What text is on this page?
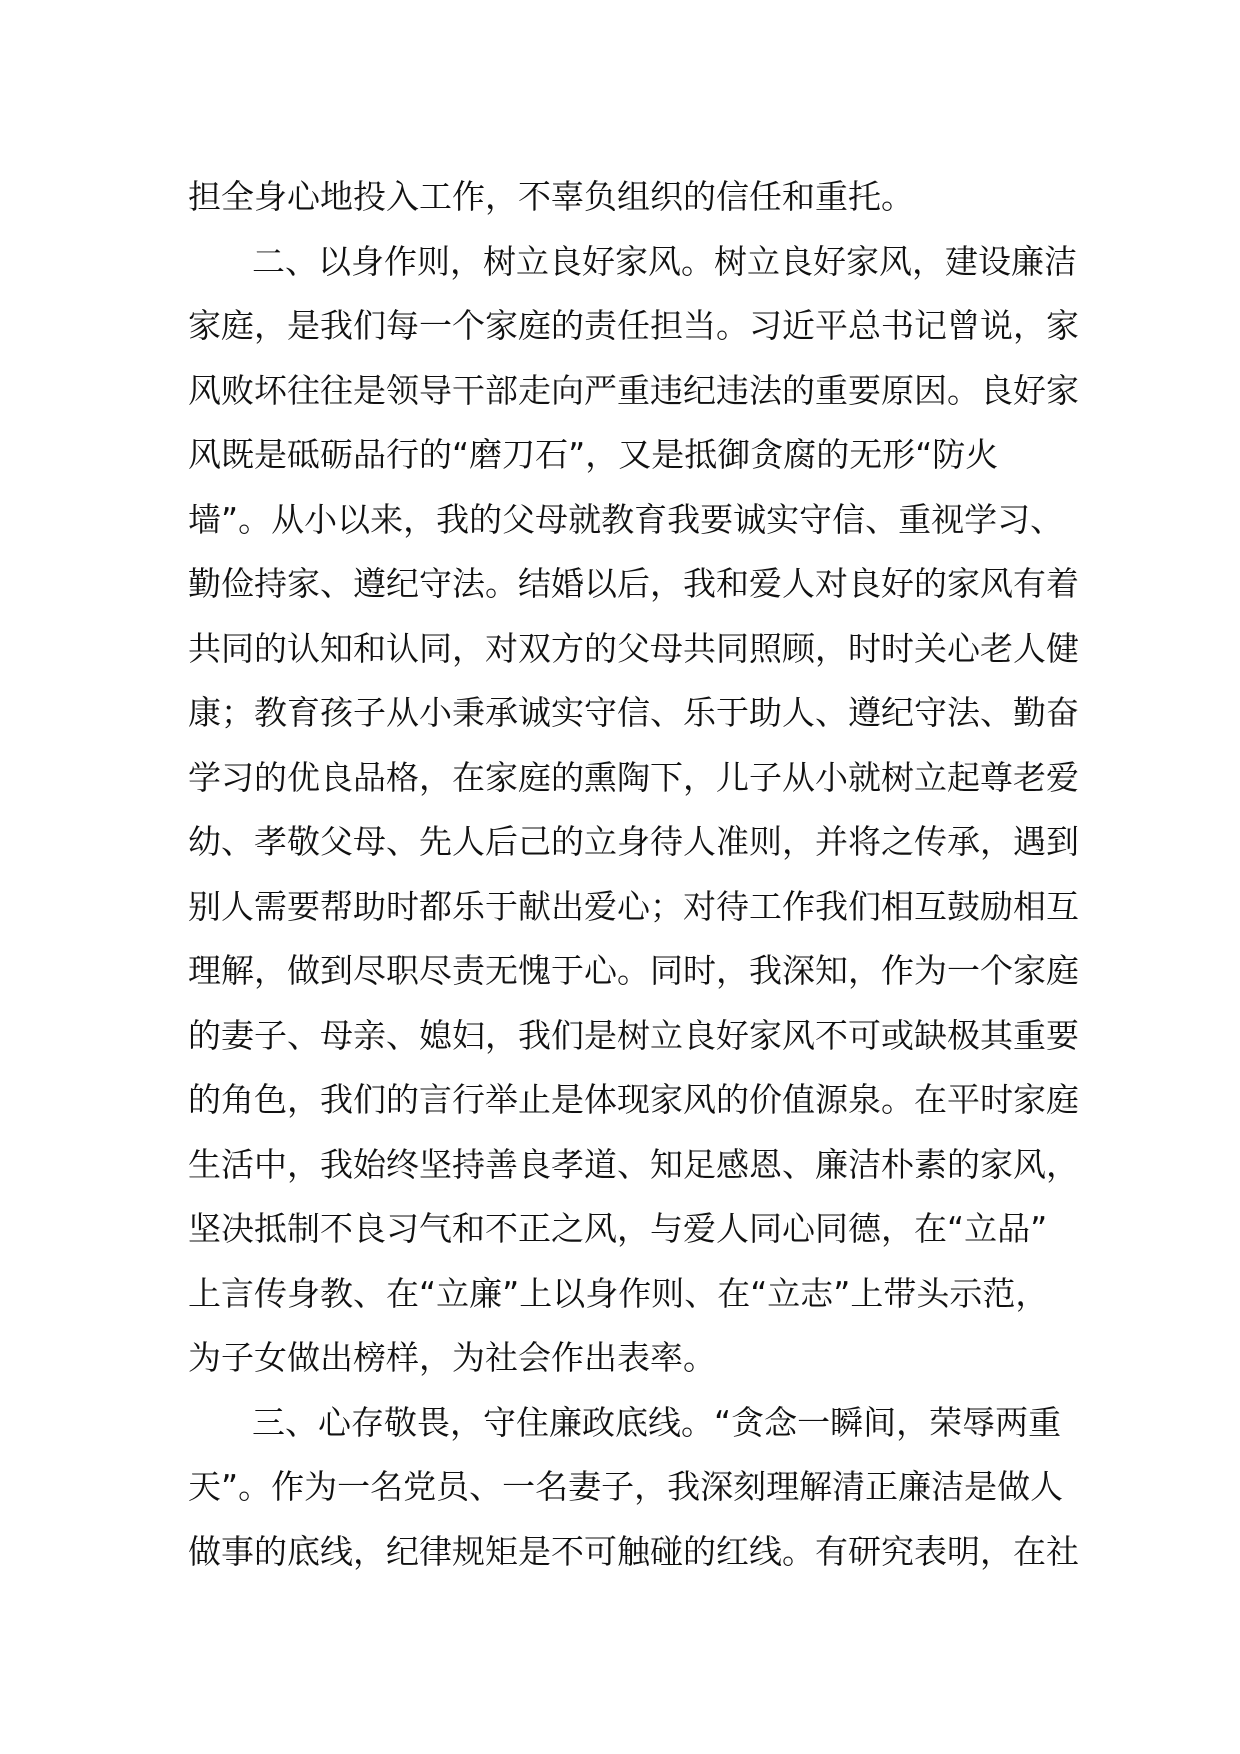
担全身心地投入工作，不辜负组织的信任和重托。
二、以身作则，树立良好家风。树立良好家风，建设廉洁
家庭，是我们每一个家庭的责任担当。习近平总书记曾说，家
风败坏往往是领导干部走向严重违纪违法的重要原因。良好家
风既是砥砺品行的“磨刀石”，又是抵御贪腐的无形“防火
墙”。从小以来，我的父母就教育我要诚实守信、重视学习、
勤俭持家、遵纪守法。结婚以后，我和爱人对良好的家风有着
共同的认知和认同，对双方的父母共同照顾，时时关心老人健
康；教育孩子从小秉承诚实守信、乐于助人、遵纪守法、勤奋
学习的优良品格，在家庭的熏陶下，儿子从小就树立起尊老爱
幼、孝敬父母、先人后己的立身待人准则，并将之传承，遇到
别人需要帮助时都乐于献出爱心；对待工作我们相互鼓励相互
理解，做到尽职尽责无愧于心。同时，我深知，作为一个家庭
的妻子、母亲、媳妇，我们是树立良好家风不可或缺极其重要
的角色，我们的言行举止是体现家风的价值源泉。在平时家庭
生活中，我始终坚持善良孝道、知足感恩、廉洁朴素的家风，
坚决抵制不良习气和不正之风，与爱人同心同德，在“立品”
上言传身教、在“立廉”上以身作则、在“立志”上带头示范，
为子女做出榜样，为社会作出表率。
三、心存敬畏，守住廉政底线。“贪念一瞬间，荣辱两重
天”。作为一名党员、一名妻子，我深刻理解清正廉洁是做人
做事的底线，纪律规矩是不可触碰的红线。有研究表明，在社
